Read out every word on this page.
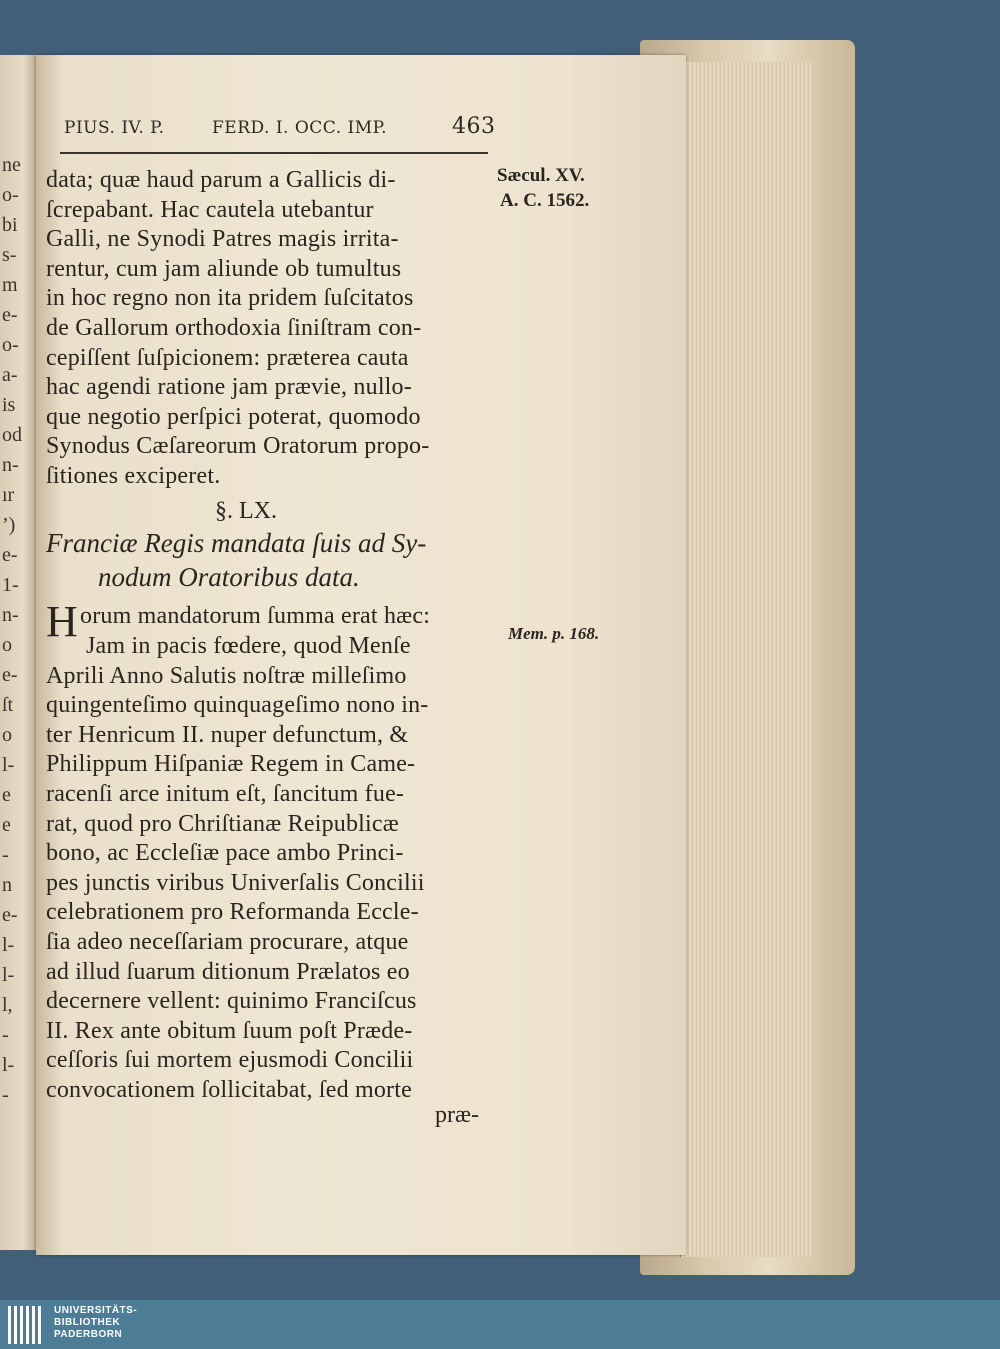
ne
o-
bi
s-
m
e-
o-
a-
is
od
n-
ır
’)
e-
1-
n-
o
e-
ſt
o
l-
e
e
-
n
e-
l-
l-
l,
-
l-
-
PIUS. IV. P.	FERD. I. OCC. IMP.	463
data; quæ haud parum a Gallicis di-
ſcrepabant. Hac cautela utebantur
Galli, ne Synodi Patres magis irrita-
rentur, cum jam aliunde ob tumultus
in hoc regno non ita pridem ſuſcitatos
de Gallorum orthodoxia ſiniſtram con-
cepiſſent ſuſpicionem: præterea cauta
hac agendi ratione jam prævie, nullo-
que negotio perſpici poterat, quomodo
Synodus Cæſareorum Oratorum propo-
ſitiones exciperet.
§. LX.
Franciæ Regis mandata ſuis ad Sy-
nodum Oratoribus data.
H orum mandatorum ſumma erat hæc:
Jam in pacis fœdere, quod Menſe
Aprili Anno Salutis noſtræ milleſimo
quingenteſimo quinquageſimo nono in-
ter Henricum II. nuper defunctum, &
Philippum Hiſpaniæ Regem in Came-
racenſi arce initum eſt, ſancitum fue-
rat, quod pro Chriſtianæ Reipublicæ
bono, ac Eccleſiæ pace ambo Princi-
pes junctis viribus Univerſalis Concilii
celebrationem pro Reformanda Eccle-
ſia adeo neceſſariam procurare, atque
ad illud ſuarum ditionum Prælatos eo
decernere vellent: quinimo Franciſcus
II. Rex ante obitum ſuum poſt Præde-
ceſſoris ſui mortem ejusmodi Concilii
convocationem ſollicitabat, ſed morte
præ-
Sæcul. XV.
A. C. 1562.
Mem. p. 168.
UNIVERSITÄTS-
BIBLIOTHEK
PADERBORN
